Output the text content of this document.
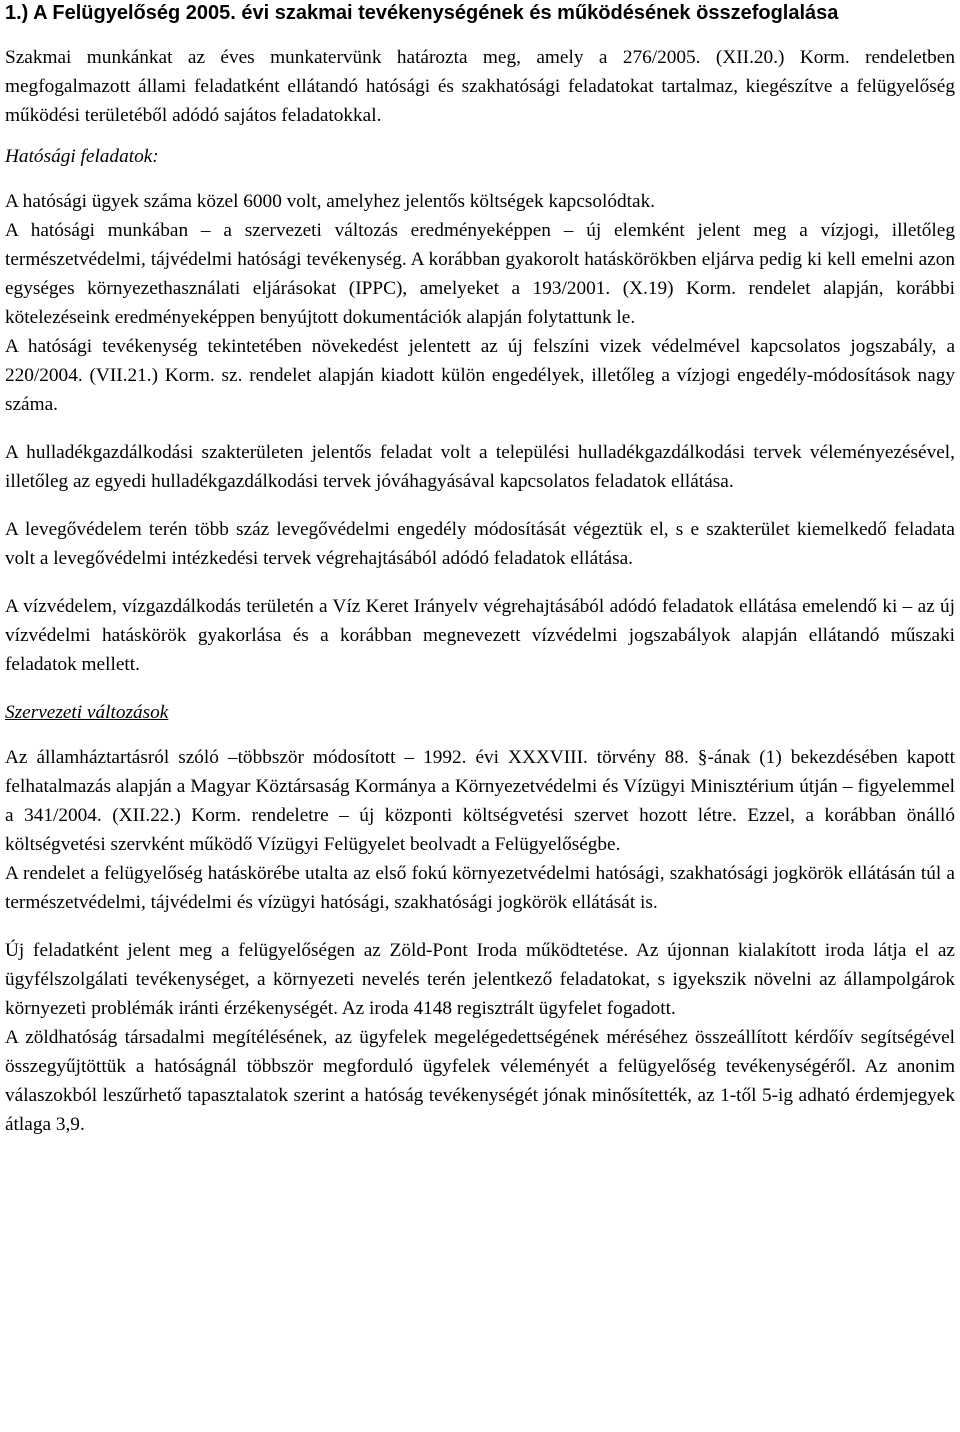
1.) A Felügyelőség 2005. évi szakmai tevékenységének és működésének összefoglalása

Szakmai munkánkat az éves munkatervünk határozta meg, amely a 276/2005. (XII.20.) Korm. rendeletben megfogalmazott állami feladatként ellátandó hatósági és szakhatósági feladatokat tartalmaz, kiegészítve a felügyelőség működési területéből adódó sajátos feladatokkal.

Hatósági feladatok:

A hatósági ügyek száma közel 6000 volt, amelyhez jelentős költségek kapcsolódtak.

A hatósági munkában – a szervezeti változás eredményeképpen – új elemként jelent meg a vízjogi, illetőleg természetvédelmi, tájvédelmi hatósági tevékenység. A korábban gyakorolt hatáskörökben eljárva pedig ki kell emelni azon egységes környezethasználati eljárásokat (IPPC), amelyeket a 193/2001. (X.19) Korm. rendelet alapján, korábbi kötelezéseink eredményeképpen benyújtott dokumentációk alapján folytattunk le.

A hatósági tevékenység tekintetében növekedést jelentett az új felszíni vizek védelmével kapcsolatos jogszabály, a 220/2004. (VII.21.) Korm. sz. rendelet alapján kiadott külön engedélyek, illetőleg a vízjogi engedély-módosítások nagy száma.

A hulladékgazdálkodási szakterületen jelentős feladat volt a települési hulladékgazdálkodási tervek véleményezésével, illetőleg az egyedi hulladékgazdálkodási tervek jóváhagyásával kapcsolatos feladatok ellátása.

A levegővédelem terén több száz levegővédelmi engedély módosítását végeztük el, s e szakterület kiemelkedő feladata volt a levegővédelmi intézkedési tervek végrehajtásából adódó feladatok ellátása.

A vízvédelem, vízgazdálkodás területén a Víz Keret Irányelv végrehajtásából adódó feladatok ellátása emelendő ki – az új vízvédelmi hatáskörök gyakorlása és a korábban megnevezett vízvédelmi jogszabályok alapján ellátandó műszaki feladatok mellett.

Szervezeti változások

Az államháztartásról szóló –többször módosított – 1992. évi XXXVIII. törvény 88. §-ának (1) bekezdésében kapott felhatalmazás alapján a Magyar Köztársaság Kormánya a Környezetvédelmi és Vízügyi Minisztérium útján – figyelemmel a 341/2004. (XII.22.) Korm. rendeletre – új központi költségvetési szervet hozott létre. Ezzel, a korábban önálló költségvetési szervként működő Vízügyi Felügyelet beolvadt a Felügyelőségbe.

A rendelet a felügyelőség hatáskörébe utalta az első fokú környezetvédelmi hatósági, szakhatósági jogkörök ellátásán túl a természetvédelmi, tájvédelmi és vízügyi hatósági, szakhatósági jogkörök ellátását is.

Új feladatként jelent meg a felügyelőségen az Zöld-Pont Iroda működtetése. Az újonnan kialakított iroda látja el az ügyfélszolgálati tevékenységet, a környezeti nevelés terén jelentkező feladatokat, s igyekszik növelni az állampolgárok környezeti problémák iránti érzékenységét. Az iroda 4148 regisztrált ügyfelet fogadott.

A zöldhatóság társadalmi megítélésének, az ügyfelek megelégedettségének méréséhez összeállított kérdőív segítségével összegyűjtöttük a hatóságnál többször megforduló ügyfelek véleményét a felügyelőség tevékenységéről. Az anonim válaszokból leszűrhető tapasztalatok szerint a hatóság tevékenységét jónak minősítették, az 1-től 5-ig adható érdemjegyek átlaga 3,9.
